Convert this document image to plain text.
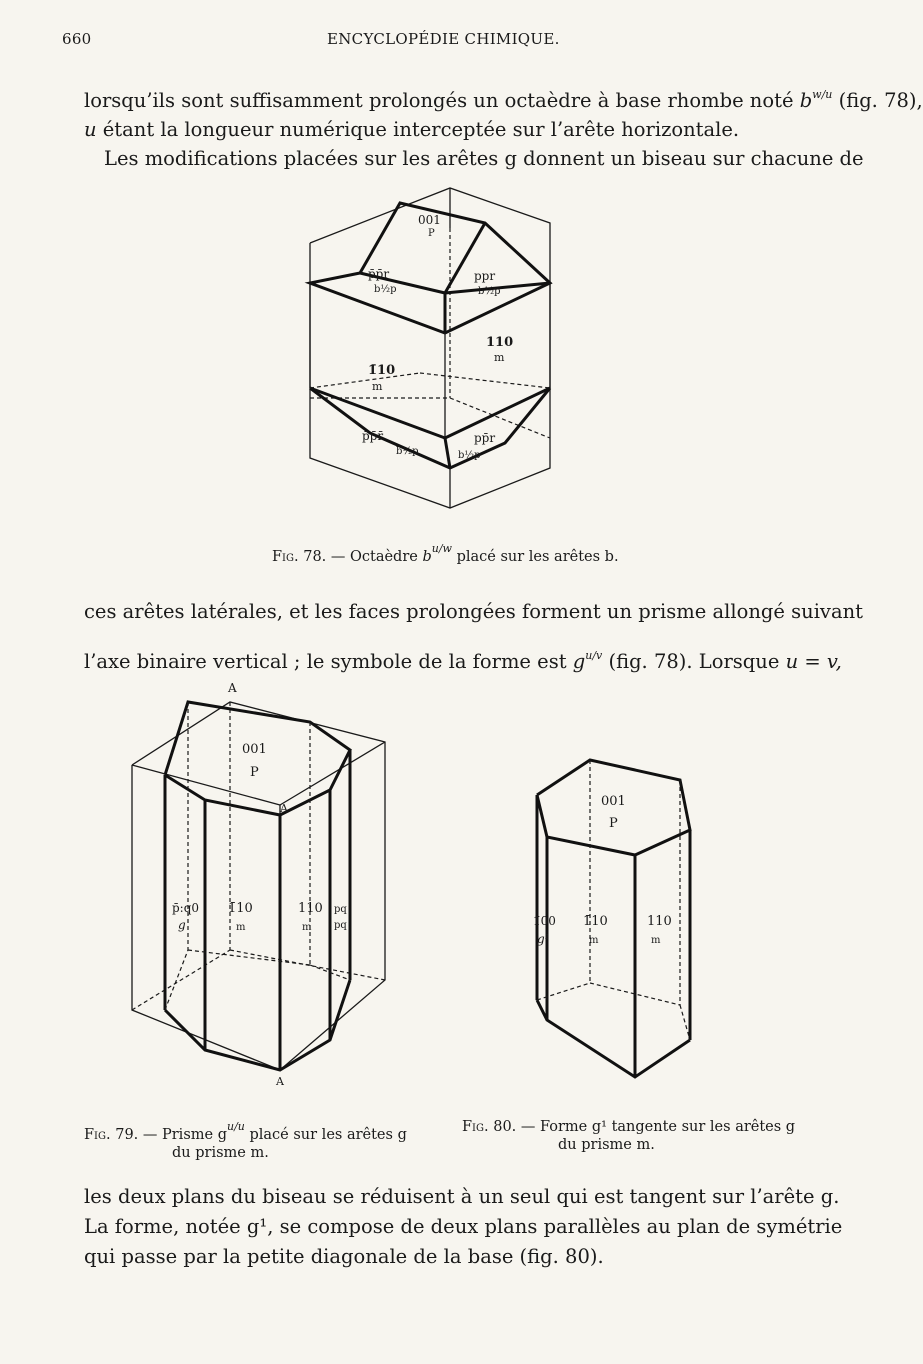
660	ENCYCLOPÉDIE CHIMIQUE.
lorsqu’ils sont suffisamment prolongés un octaèdre à base rhombe noté $b^{w/u}$ (fig. 78),
u étant la longueur numérique interceptée sur l’arête horizontale.
Les modifications placées sur les arêtes g donnent un biseau sur chacune de
001
P
p̄p̄r
b½p
ppr
b½p
110
m
1̄10
m
p̄p̄r̄
b½p
pp̄r
b½p
Fig. 78. — Octaèdre $b^{u/w}$ placé sur les arêtes b.
ces arêtes latérales, et les faces prolongées forment un prisme allongé suivant
l’axe binaire vertical ; le symbole de la forme est $g^{u/v}$ (fig. 78). Lorsque u = v,
A
A
A
001
P
p̄:q0
g
1̄10
m
110
m
pq
pq
001
P
1̄00
g¹
1̄10
m
110
m
Fig. 79. — Prisme $g^{u/u}$ placé sur les arêtes g
du prisme m.
Fig. 80. — Forme g¹ tangente sur les arêtes g
du prisme m.
les deux plans du biseau se réduisent à un seul qui est tangent sur l’arête g.
La forme, notée g¹, se compose de deux plans parallèles au plan de symétrie
qui passe par la petite diagonale de la base (fig. 80).
